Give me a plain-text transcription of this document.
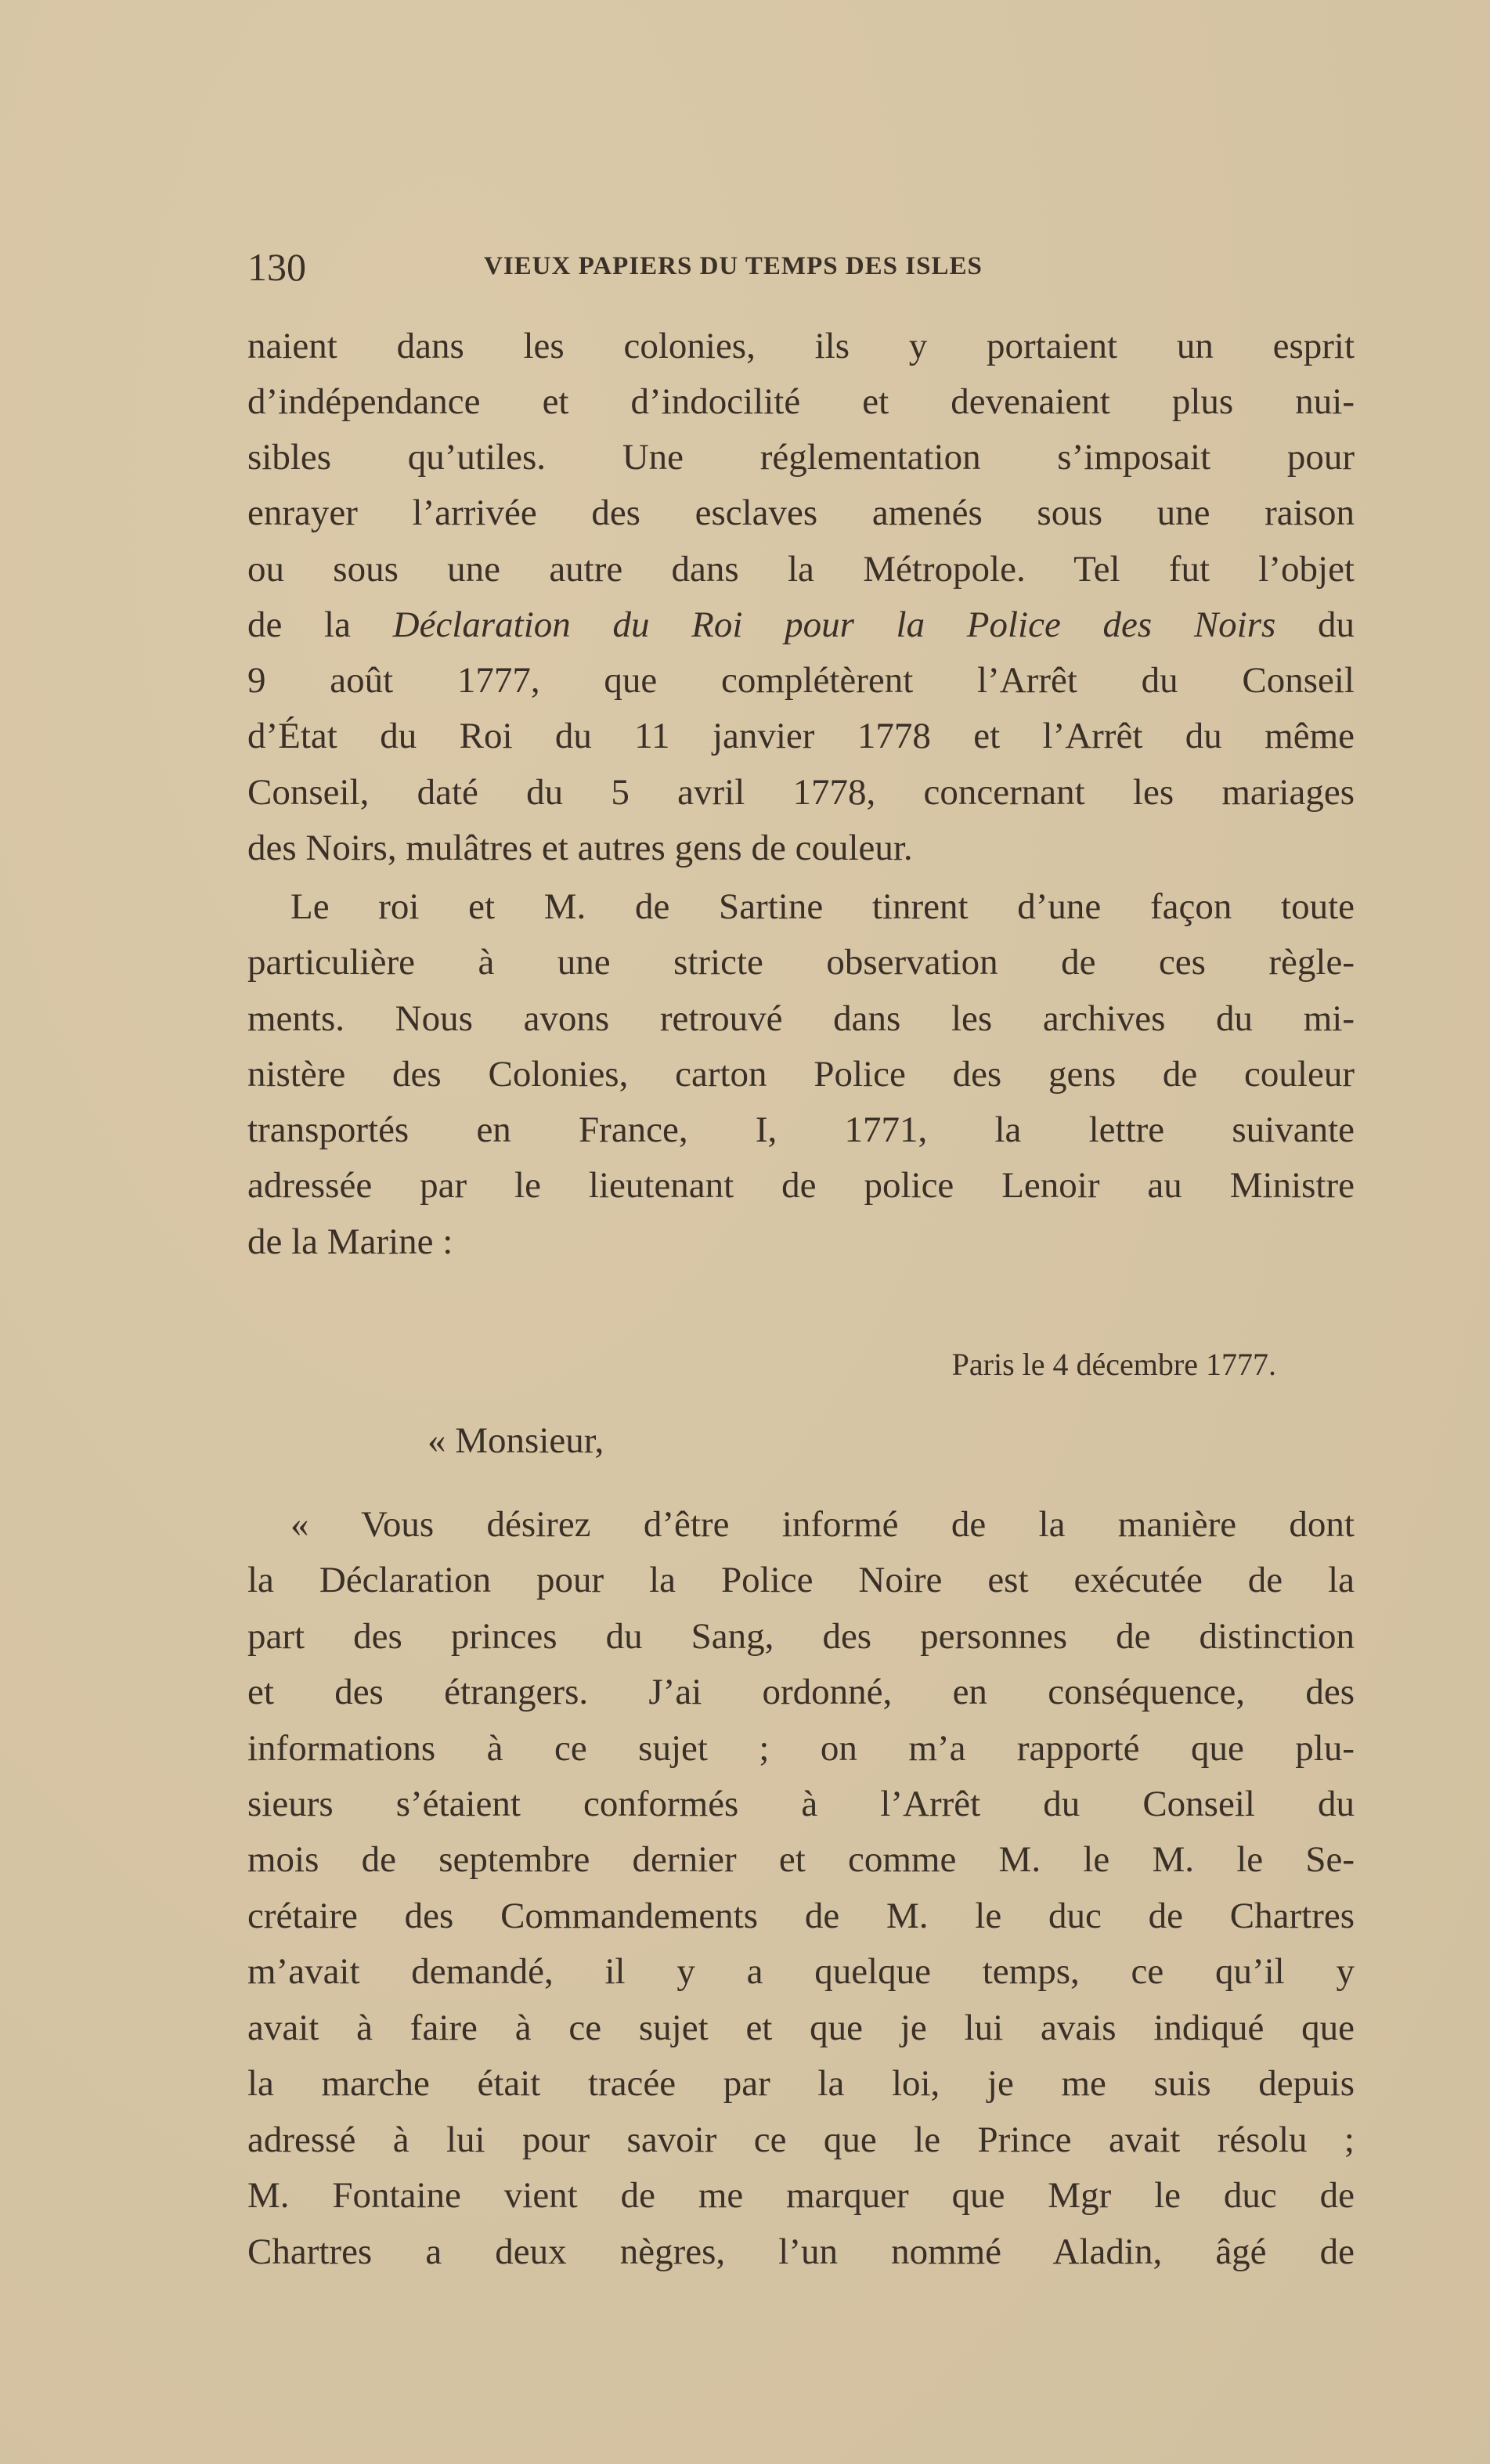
130	VIEUX PAPIERS DU TEMPS DES ISLES
naient dans les colonies, ils y portaient un esprit
d’indépendance et d’indocilité et devenaient plus nui-
sibles qu’utiles. Une réglementation s’imposait pour
enrayer l’arrivée des esclaves amenés sous une raison
ou sous une autre dans la Métropole. Tel fut l’objet
de la Déclaration du Roi pour la Police des Noirs du
9 août 1777, que complétèrent l’Arrêt du Conseil
d’État du Roi du 11 janvier 1778 et l’Arrêt du même
Conseil, daté du 5 avril 1778, concernant les mariages
des Noirs, mulâtres et autres gens de couleur.
Le roi et M. de Sartine tinrent d’une façon toute
particulière à une stricte observation de ces règle-
ments. Nous avons retrouvé dans les archives du mi-
nistère des Colonies, carton Police des gens de couleur
transportés en France, I, 1771, la lettre suivante
adressée par le lieutenant de police Lenoir au Ministre
de la Marine :
Paris le 4 décembre 1777.
« Monsieur,
« Vous désirez d’être informé de la manière dont
la Déclaration pour la Police Noire est exécutée de la
part des princes du Sang, des personnes de distinction
et des étrangers. J’ai ordonné, en conséquence, des
informations à ce sujet ; on m’a rapporté que plu-
sieurs s’étaient conformés à l’Arrêt du Conseil du
mois de septembre dernier et comme M. le M. le Se-
crétaire des Commandements de M. le duc de Chartres
m’avait demandé, il y a quelque temps, ce qu’il y
avait à faire à ce sujet et que je lui avais indiqué que
la marche était tracée par la loi, je me suis depuis
adressé à lui pour savoir ce que le Prince avait résolu ;
M. Fontaine vient de me marquer que Mgr le duc de
Chartres a deux nègres, l’un nommé Aladin, âgé de
